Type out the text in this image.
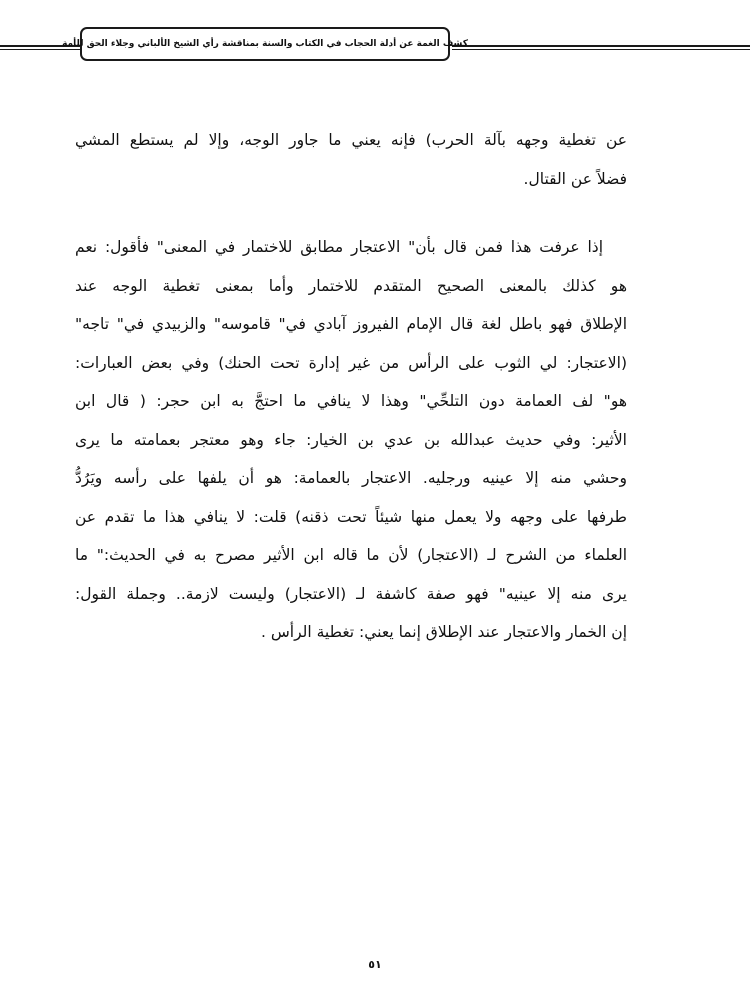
كشف الغمة عن أدلة الحجاب في الكتاب والسنة بمناقشة رأي الشيخ الألباني وجلاء الحق للأمة

عن تغطية وجهه بآلة الحرب) فإنه يعني ما جاور الوجه، وإلا لم يستطع المشي
فضلاً عن القتال.

إذا عرفت هذا فمن قال بأن" الاعتجار مطابق للاختمار في المعنى" فأقول: نعم
هو كذلك بالمعنى الصحيح المتقدم للاختمار وأما بمعنى تغطية الوجه عند
الإطلاق فهو باطل لغة قال الإمام الفيروز آبادي في" قاموسه" والزبيدي في" تاجه"
(الاعتجار: لي الثوب على الرأس من غير إدارة تحت الحنك) وفي بعض العبارات:
هو" لف العمامة دون التلحِّي" وهذا لا ينافي ما احتجَّ به ابن حجر: ( قال ابن
الأثير: وفي حديث عبدالله بن عدي بن الخيار: جاء وهو معتجر بعمامته ما يرى
وحشي منه إلا عينيه ورجليه. الاعتجار بالعمامة: هو أن يلفها على رأسه ويَرُدُّ
طرفها على وجهه ولا يعمل منها شيئاً تحت ذقنه) قلت: لا ينافي هذا ما تقدم عن
العلماء من الشرح لـ (الاعتجار) لأن ما قاله ابن الأثير مصرح به في الحديث:" ما
يرى منه إلا عينيه" فهو صفة كاشفة لـ (الاعتجار) وليست لازمة.. وجملة القول:
إن الخمار والاعتجار عند الإطلاق إنما يعني: تغطية الرأس .

٥١
